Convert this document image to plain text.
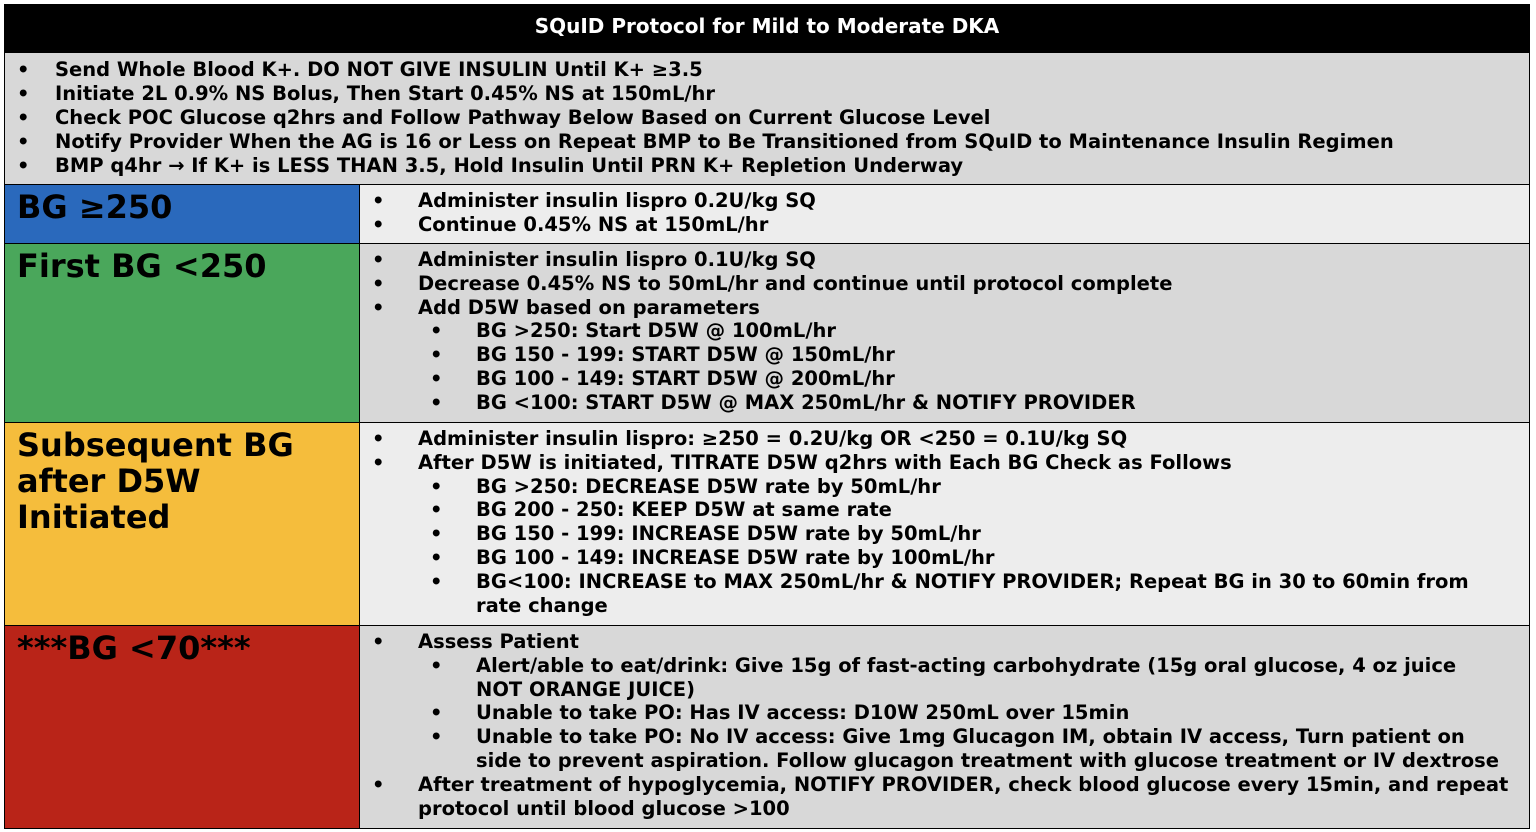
SQuID Protocol for Mild to Moderate DKA
•	Send Whole Blood K+. DO NOT GIVE INSULIN Until K+ ≥3.5
•	Initiate 2L 0.9% NS Bolus, Then Start 0.45% NS at 150mL/hr
•	Check POC Glucose q2hrs and Follow Pathway Below Based on Current Glucose Level
•	Notify Provider When the AG is 16 or Less on Repeat BMP to Be Transitioned from SQuID to Maintenance Insulin Regimen
•	BMP q4hr → If K+ is LESS THAN 3.5, Hold Insulin Until PRN K+ Repletion Underway
BG ≥250	•	Administer insulin lispro 0.2U/kg SQ
•	Continue 0.45% NS at 150mL/hr
First BG <250	•	Administer insulin lispro 0.1U/kg SQ
•	Decrease 0.45% NS to 50mL/hr and continue until protocol complete
•	Add D5W based on parameters
•	BG >250: Start D5W @ 100mL/hr
•	BG 150 - 199: START D5W @ 150mL/hr
•	BG 100 - 149: START D5W @ 200mL/hr
•	BG <100: START D5W @ MAX 250mL/hr & NOTIFY PROVIDER
Subsequent BG after D5W Initiated
•	Administer insulin lispro: ≥250 = 0.2U/kg OR <250 = 0.1U/kg SQ
•	After D5W is initiated, TITRATE D5W q2hrs with Each BG Check as Follows
•	BG >250: DECREASE D5W rate by 50mL/hr
•	BG 200 - 250: KEEP D5W at same rate
•	BG 150 - 199: INCREASE D5W rate by 50mL/hr
•	BG 100 - 149: INCREASE D5W rate by 100mL/hr
•	BG<100: INCREASE to MAX 250mL/hr & NOTIFY PROVIDER; Repeat BG in 30 to 60min from rate change
***BG <70***	•	Assess Patient
•	Alert/able to eat/drink: Give 15g of fast-acting carbohydrate (15g oral glucose, 4 oz juice NOT ORANGE JUICE)
•	Unable to take PO: Has IV access: D10W 250mL over 15min
•	Unable to take PO: No IV access: Give 1mg Glucagon IM, obtain IV access, Turn patient on side to prevent aspiration. Follow glucagon treatment with glucose treatment or IV dextrose
•	After treatment of hypoglycemia, NOTIFY PROVIDER, check blood glucose every 15min, and repeat protocol until blood glucose >100
